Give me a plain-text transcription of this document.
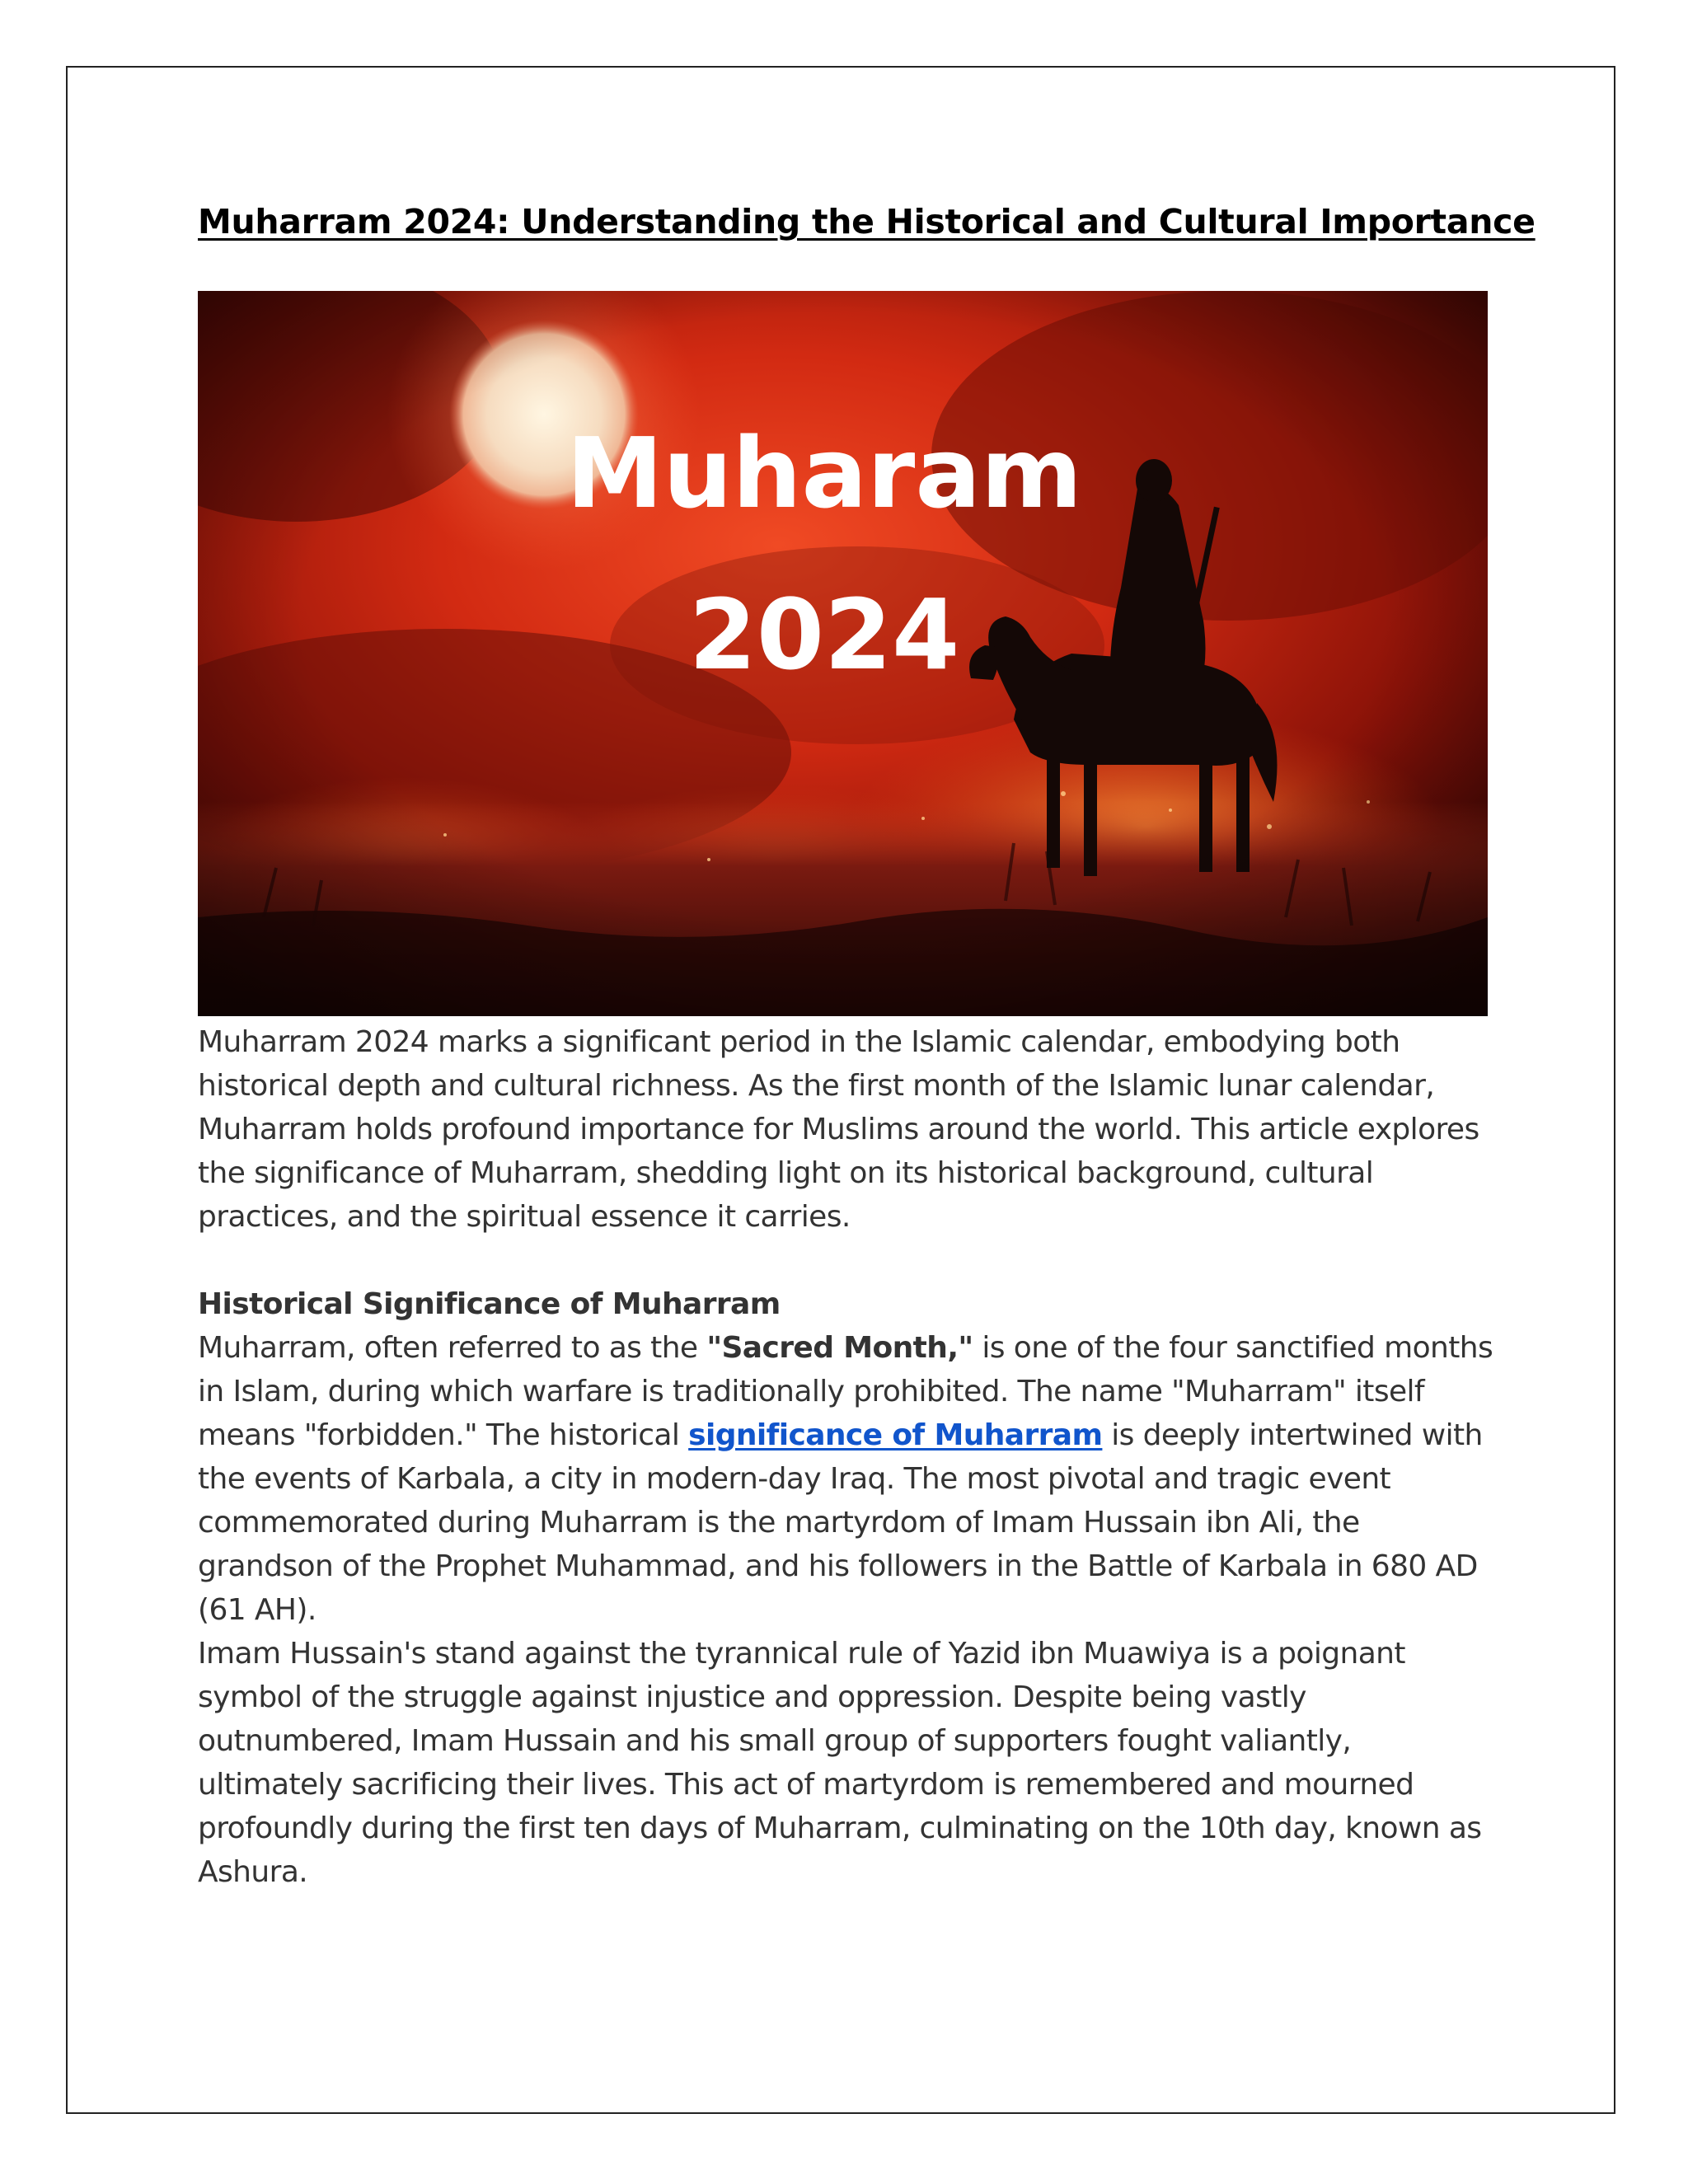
Muharram 2024: Understanding the Historical and Cultural Importance
Muharam
2024

Muharram 2024 marks a significant period in the Islamic calendar, embodying both historical depth and cultural richness. As the first month of the Islamic lunar calendar, Muharram holds profound importance for Muslims around the world. This article explores the significance of Muharram, shedding light on its historical background, cultural practices, and the spiritual essence it carries.

Historical Significance of Muharram

Muharram, often referred to as the "Sacred Month," is one of the four sanctified months in Islam, during which warfare is traditionally prohibited. The name "Muharram" itself means "forbidden." The historical significance of Muharram is deeply intertwined with the events of Karbala, a city in modern-day Iraq. The most pivotal and tragic event commemorated during Muharram is the martyrdom of Imam Hussain ibn Ali, the grandson of the Prophet Muhammad, and his followers in the Battle of Karbala in 680 AD (61 AH).

Imam Hussain's stand against the tyrannical rule of Yazid ibn Muawiya is a poignant symbol of the struggle against injustice and oppression. Despite being vastly outnumbered, Imam Hussain and his small group of supporters fought valiantly, ultimately sacrificing their lives. This act of martyrdom is remembered and mourned profoundly during the first ten days of Muharram, culminating on the 10th day, known as Ashura.
